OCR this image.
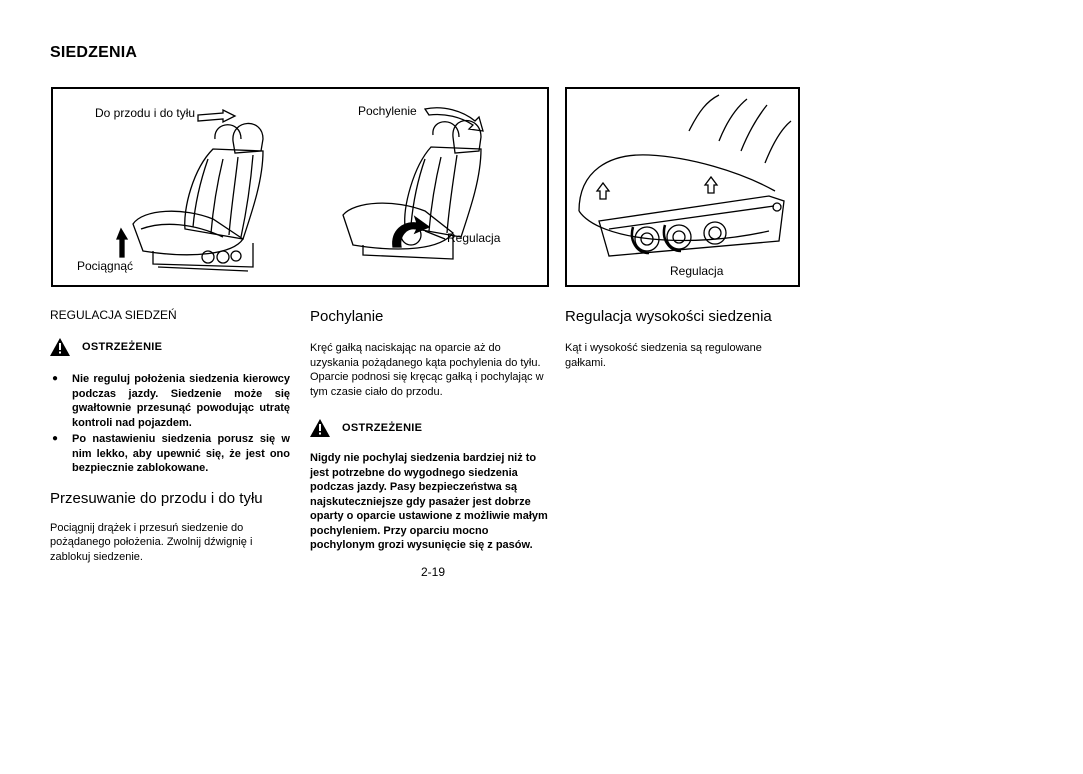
SIEDZENIA
Do przodu i do tyłu
Pociągnąć
Pochylenie
Regulacja
Regulacja
REGULACJA SIEDZEŃ
OSTRZEŻENIE
● Nie reguluj położenia siedzenia kierowcy podczas jazdy. Siedzenie może się gwałtownie przesunąć powodując utratę kontroli nad pojazdem.
● Po nastawieniu siedzenia porusz się w nim lekko, aby upewnić się, że jest ono bezpiecznie zablokowane.
Przesuwanie do przodu i do tyłu
Pociągnij drążek i przesuń siedzenie do pożądanego położenia. Zwolnij dźwignię i zablokuj siedzenie.
Pochylanie
Kręć gałką naciskając na oparcie aż do uzyskania pożądanego kąta pochylenia do tyłu. Oparcie podnosi się kręcąc gałką i pochylając w tym czasie ciało do przodu.
OSTRZEŻENIE
Nigdy nie pochylaj siedzenia bardziej niż to jest potrzebne do wygodnego siedzenia podczas jazdy. Pasy bezpieczeństwa są najskuteczniejsze gdy pasażer jest dobrze oparty o oparcie ustawione z możliwie małym pochyleniem. Przy oparciu mocno pochylonym grozi wysunięcie się z pasów.
Regulacja wysokości siedzenia
Kąt i wysokość siedzenia są regulowane gałkami.
2-19
